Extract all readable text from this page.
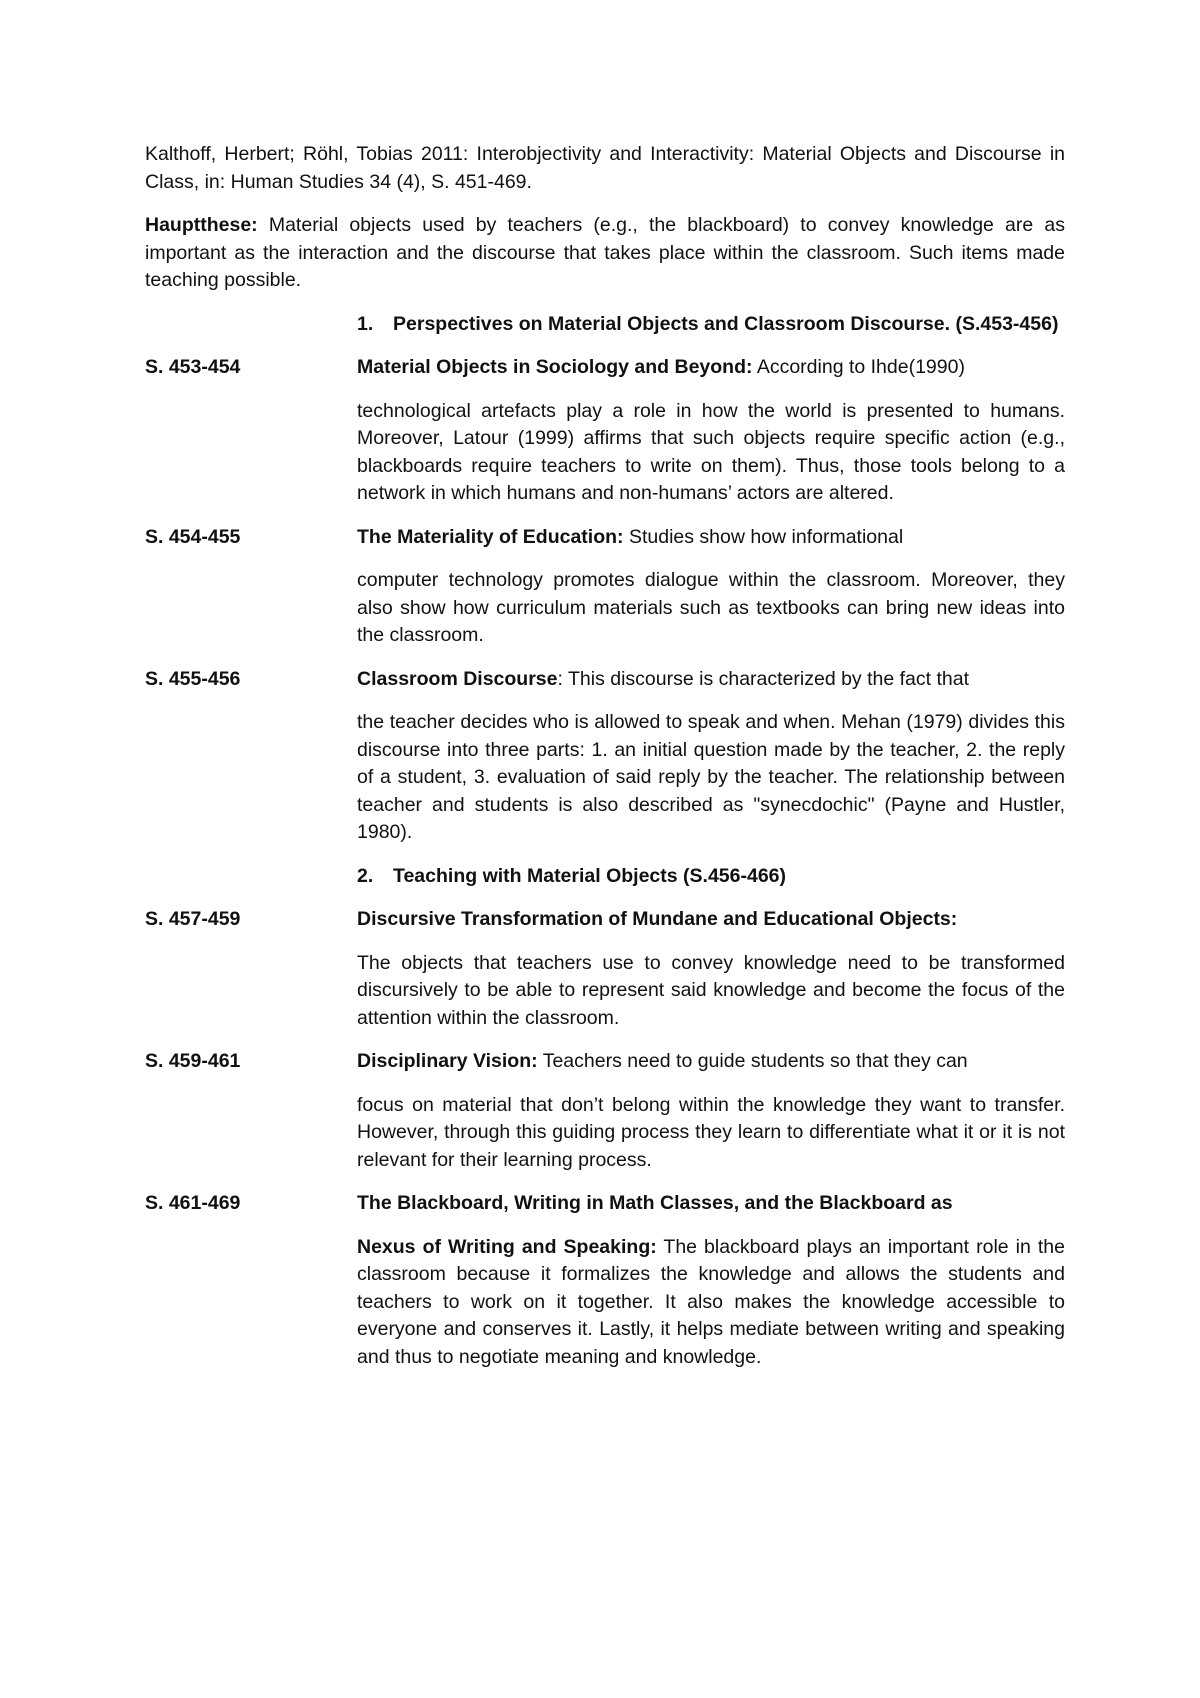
Kalthoff, Herbert; Röhl, Tobias 2011: Interobjectivity and Interactivity: Material Objects and Discourse in Class, in: Human Studies 34 (4), S. 451-469.

Hauptthese: Material objects used by teachers (e.g., the blackboard) to convey knowledge are as important as the interaction and the discourse that takes place within the classroom. Such items made teaching possible.

1.	Perspectives on Material Objects and Classroom Discourse. (S.453-456)
S. 453-454	Material Objects in Sociology and Beyond: According to Ihde(1990)

technological artefacts play a role in how the world is presented to humans. Moreover, Latour (1999) affirms that such objects require specific action (e.g., blackboards require teachers to write on them). Thus, those tools belong to a network in which humans and non-humans’ actors are altered.

S. 454-455	The Materiality of Education: Studies show how informational

computer technology promotes dialogue within the classroom. Moreover, they also show how curriculum materials such as textbooks can bring new ideas into the classroom.

S. 455-456	Classroom Discourse: This discourse is characterized by the fact that

the teacher decides who is allowed to speak and when. Mehan (1979) divides this discourse into three parts: 1. an initial question made by the teacher, 2. the reply of a student, 3. evaluation of said reply by the teacher. The relationship between teacher and students is also described as "synecdochic" (Payne and Hustler, 1980).

2.	Teaching with Material Objects (S.456-466)
S. 457-459	Discursive Transformation of Mundane and Educational Objects:

The objects that teachers use to convey knowledge need to be transformed discursively to be able to represent said knowledge and become the focus of the attention within the classroom.

S. 459-461	Disciplinary Vision: Teachers need to guide students so that they can

focus on material that don’t belong within the knowledge they want to transfer. However, through this guiding process they learn to differentiate what it or it is not relevant for their learning process.

S. 461-469	The Blackboard, Writing in Math Classes, and the Blackboard as

Nexus of Writing and Speaking: The blackboard plays an important role in the classroom because it formalizes the knowledge and allows the students and teachers to work on it together. It also makes the knowledge accessible to everyone and conserves it. Lastly, it helps mediate between writing and speaking and thus to negotiate meaning and knowledge.
